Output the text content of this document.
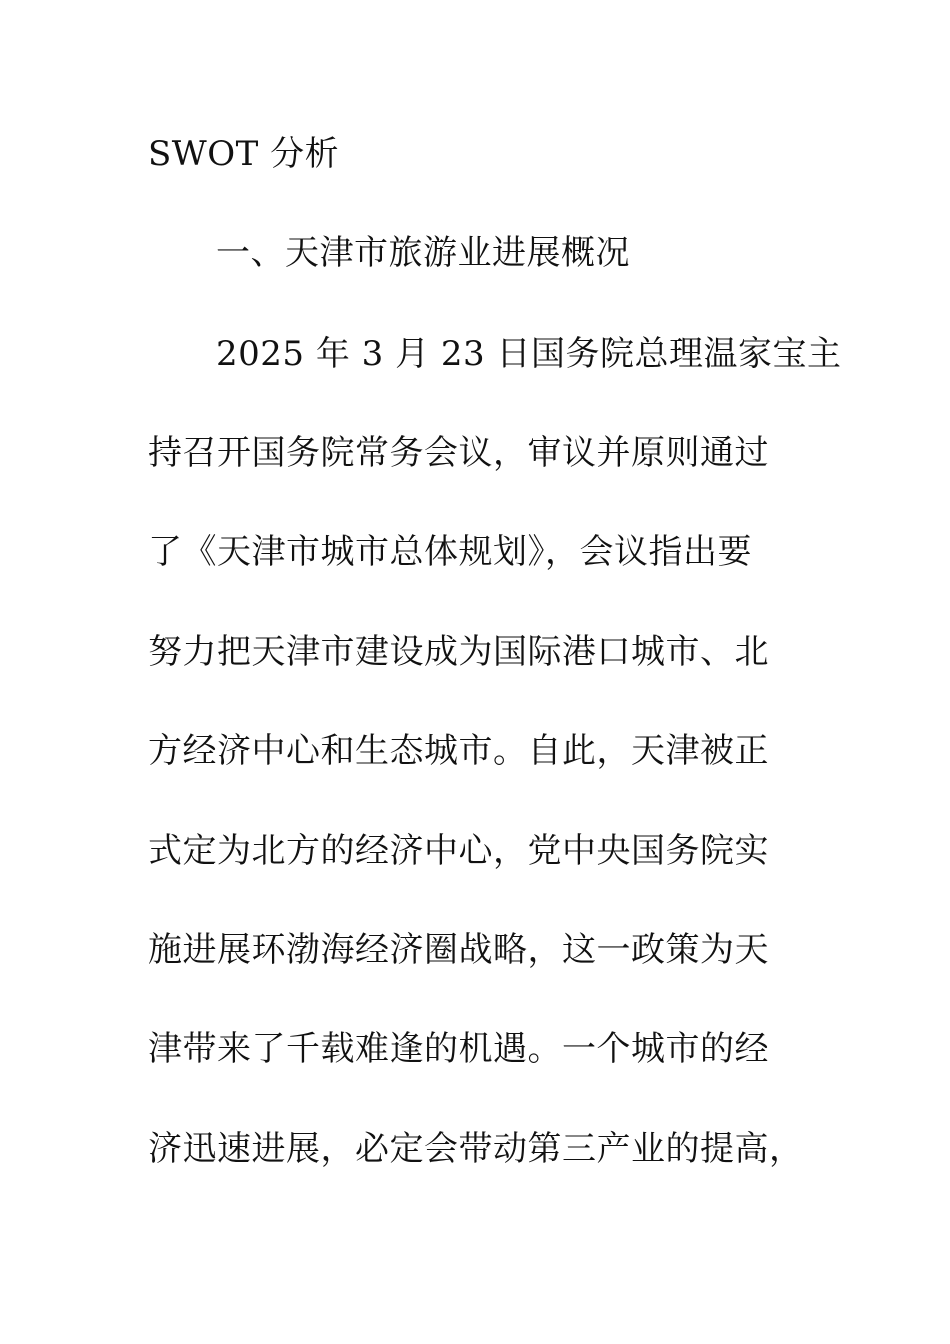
SWOT 分析
一、天津市旅游业进展概况
2025 年 3 月 23 日国务院总理温家宝主
持召开国务院常务会议，审议并原则通过
了《天津市城市总体规划》，会议指出要
努力把天津市建设成为国际港口城市、北
方经济中心和生态城市。自此，天津被正
式定为北方的经济中心，党中央国务院实
施进展环渤海经济圈战略，这一政策为天
津带来了千载难逢的机遇。一个城市的经
济迅速进展，必定会带动第三产业的提高，
